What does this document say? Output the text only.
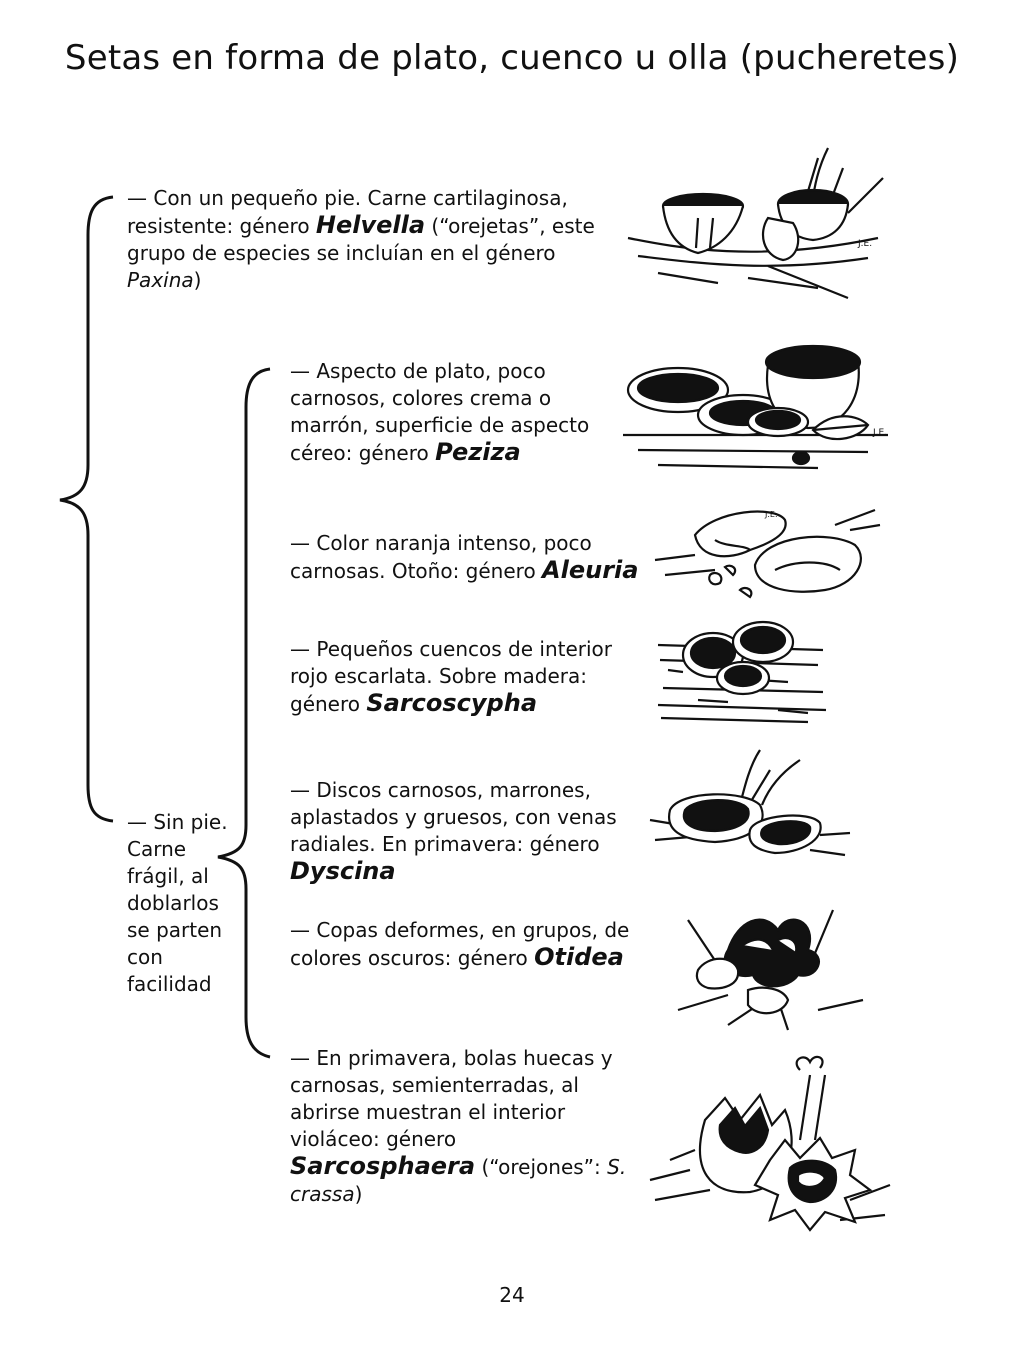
Setas en forma de plato, cuenco u olla (pucheretes)
— Con un pequeño pie. Carne cartilaginosa, resistente: género Helvella (“orejetas”, este grupo de especies se incluían en el género Paxina)
— Sin pie. Carne frágil, al doblarlos se parten con facilidad
— Aspecto de plato, poco carnosos, colores crema o marrón, superficie de aspecto céreo: género Peziza
— Color naranja intenso, poco carnosas. Otoño: género Aleuria
— Pequeños cuencos de interior rojo escarlata. Sobre madera: género Sarcoscypha
— Discos carnosos, marrones, aplastados y gruesos, con venas radiales. En primavera: género Dyscina
— Copas deformes, en grupos, de colores oscuros: género Otidea
— En primavera, bolas huecas y carnosas, semienterradas, al abrirse muestran el interior violáceo: género Sarcosphaera (“orejones”: S. crassa)
J.E.
J.E.
J.E.
24
